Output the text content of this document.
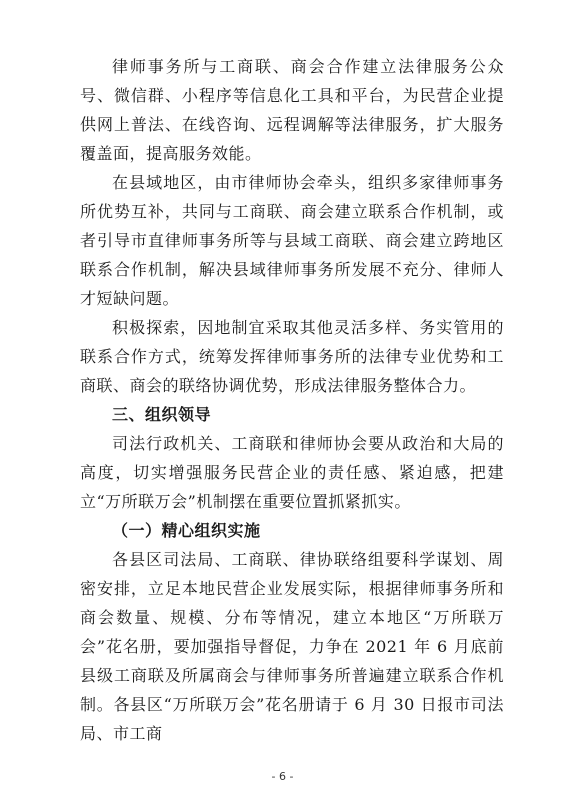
律师事务所与工商联、商会合作建立法律服务公众号、微信群、小程序等信息化工具和平台，为民营企业提供网上普法、在线咨询、远程调解等法律服务，扩大服务覆盖面，提高服务效能。

在县域地区，由市律师协会牵头，组织多家律师事务所优势互补，共同与工商联、商会建立联系合作机制，或者引导市直律师事务所等与县域工商联、商会建立跨地区联系合作机制，解决县域律师事务所发展不充分、律师人才短缺问题。

积极探索，因地制宜采取其他灵活多样、务实管用的联系合作方式，统筹发挥律师事务所的法律专业优势和工商联、商会的联络协调优势，形成法律服务整体合力。

三、组织领导

司法行政机关、工商联和律师协会要从政治和大局的高度，切实增强服务民营企业的责任感、紧迫感，把建立“万所联万会”机制摆在重要位置抓紧抓实。

（一）精心组织实施

各县区司法局、工商联、律协联络组要科学谋划、周密安排，立足本地民营企业发展实际，根据律师事务所和商会数量、规模、分布等情况，建立本地区“万所联万会”花名册，要加强指导督促，力争在 2021 年 6 月底前县级工商联及所属商会与律师事务所普遍建立联系合作机制。各县区“万所联万会”花名册请于 6 月 30 日报市司法局、市工商

- 6 -
